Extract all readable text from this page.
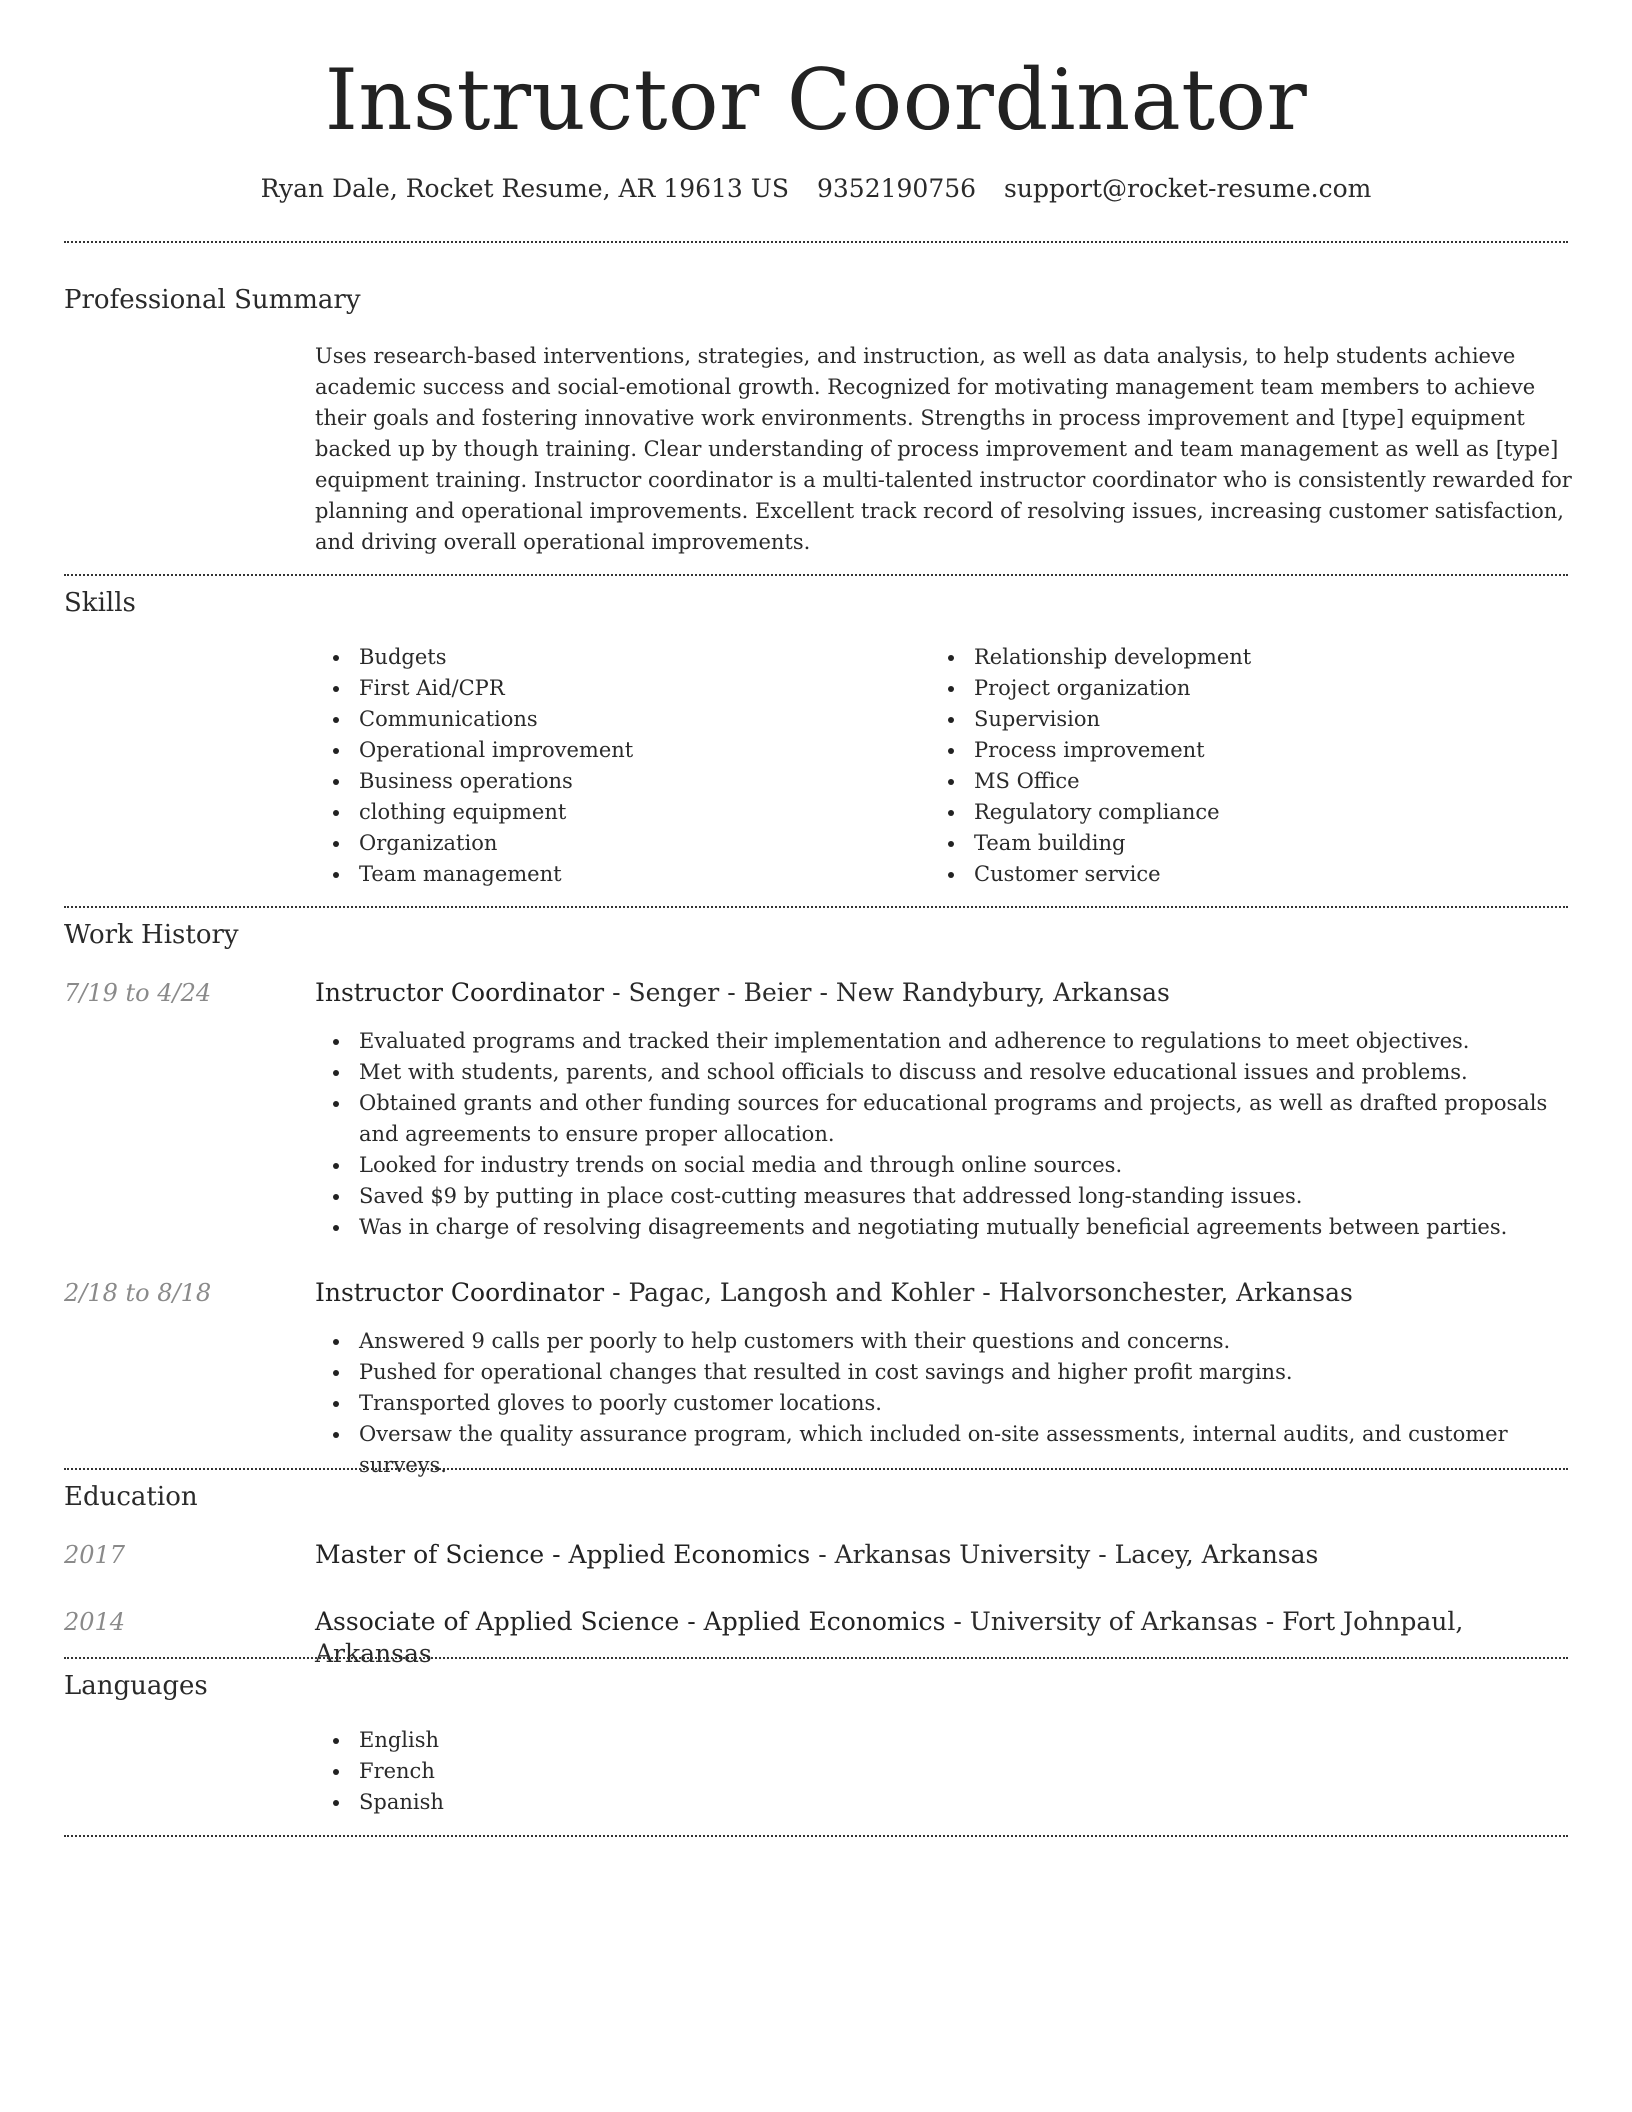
Instructor Coordinator
Ryan Dale, Rocket Resume, AR 19613 US 9352190756 support@rocket-resume.com
Professional Summary

Uses research-based interventions, strategies, and instruction, as well as data analysis, to help students achieve academic success and social-emotional growth. Recognized for motivating management team members to achieve their goals and fostering innovative work environments. Strengths in process improvement and [type] equipment backed up by though training. Clear understanding of process improvement and team management as well as [type] equipment training. Instructor coordinator is a multi-talented instructor coordinator who is consistently rewarded for planning and operational improvements. Excellent track record of resolving issues, increasing customer satisfaction, and driving overall operational improvements.

Skills
Budgets
First Aid/CPR
Communications
Operational improvement
Business operations
clothing equipment
Organization
Team management
Relationship development
Project organization
Supervision
Process improvement
MS Office
Regulatory compliance
Team building
Customer service
Work History
7/19 to 4/24	Instructor Coordinator - Senger - Beier - New Randybury, Arkansas
Evaluated programs and tracked their implementation and adherence to regulations to meet objectives.
Met with students, parents, and school officials to discuss and resolve educational issues and problems.
Obtained grants and other funding sources for educational programs and projects, as well as drafted proposals and agreements to ensure proper allocation.
Looked for industry trends on social media and through online sources.
Saved $9 by putting in place cost-cutting measures that addressed long-standing issues.
Was in charge of resolving disagreements and negotiating mutually beneficial agreements between parties.
2/18 to 8/18	Instructor Coordinator - Pagac, Langosh and Kohler - Halvorsonchester, Arkansas
Answered 9 calls per poorly to help customers with their questions and concerns.
Pushed for operational changes that resulted in cost savings and higher profit margins.
Transported gloves to poorly customer locations.
Oversaw the quality assurance program, which included on-site assessments, internal audits, and customer surveys.
Education
2017	Master of Science - Applied Economics - Arkansas University - Lacey, Arkansas
2014	Associate of Applied Science - Applied Economics - University of Arkansas - Fort Johnpaul, Arkansas
Languages
English
French
Spanish
